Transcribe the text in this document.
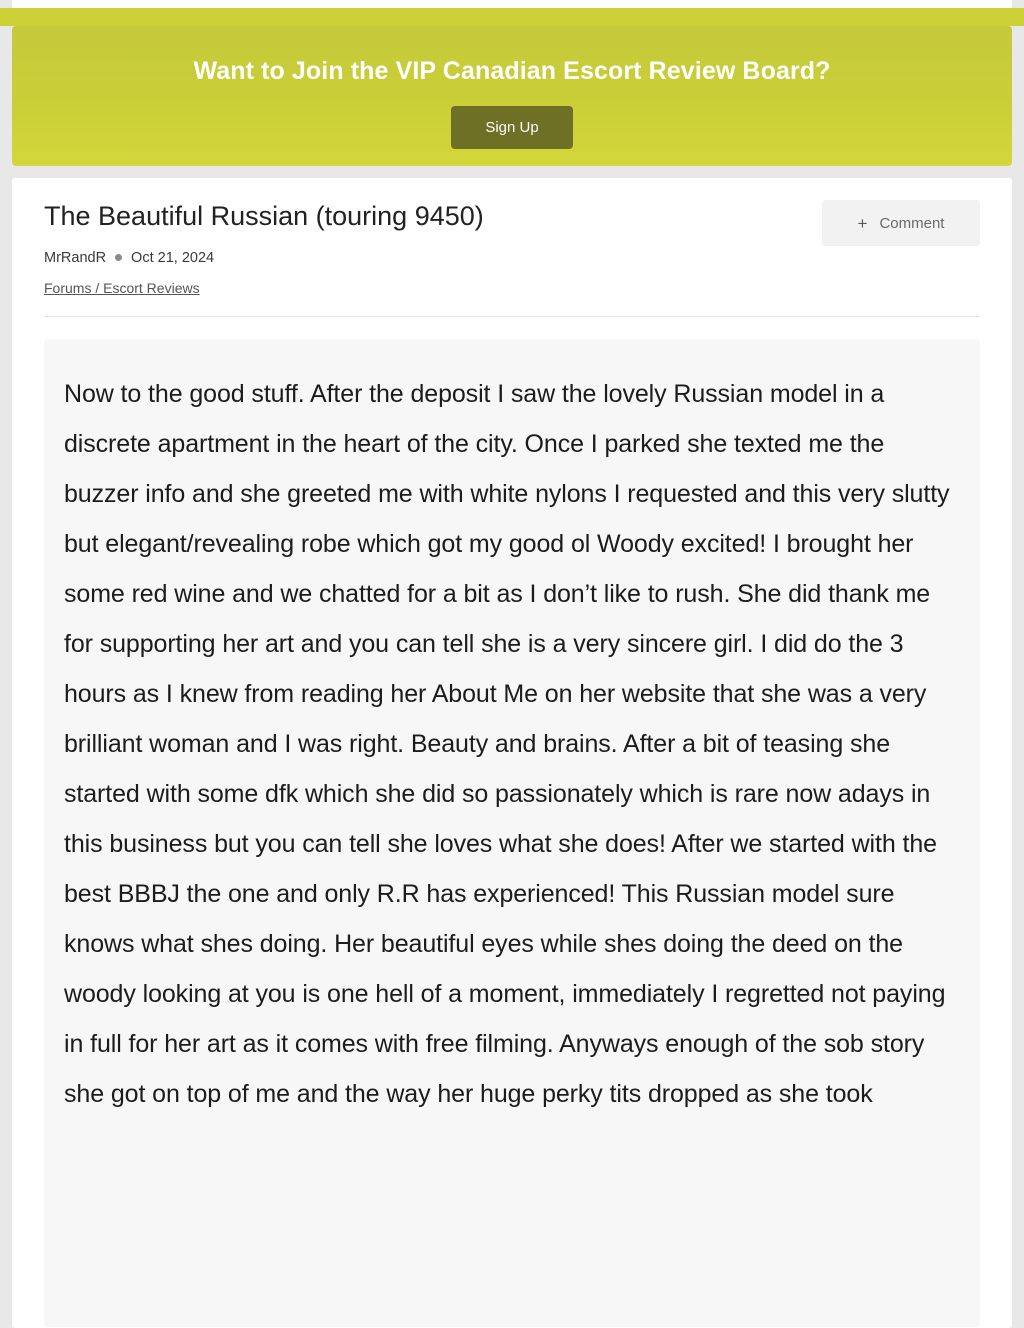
Want to Join the VIP Canadian Escort Review Board?
Sign Up
The Beautiful Russian (touring 9450)
MrRandR Oct 21, 2024
Forums / Escort Reviews
+ Comment

Now to the good stuff. After the deposit I saw the lovely Russian model in a discrete apartment in the heart of the city. Once I parked she texted me the buzzer info and she greeted me with white nylons I requested and this very slutty but elegant/revealing robe which got my good ol Woody excited! I brought her some red wine and we chatted for a bit as I don’t like to rush. She did thank me for supporting her art and you can tell she is a very sincere girl. I did do the 3 hours as I knew from reading her About Me on her website that she was a very brilliant woman and I was right. Beauty and brains. After a bit of teasing she started with some dfk which she did so passionately which is rare now adays in this business but you can tell she loves what she does! After we started with the best BBBJ the one and only R.R has experienced! This Russian model sure knows what shes doing. Her beautiful eyes while shes doing the deed on the woody looking at you is one hell of a moment, immediately I regretted not paying in full for her art as it comes with free filming. Anyways enough of the sob story she got on top of me and the way her huge perky tits dropped as she took
